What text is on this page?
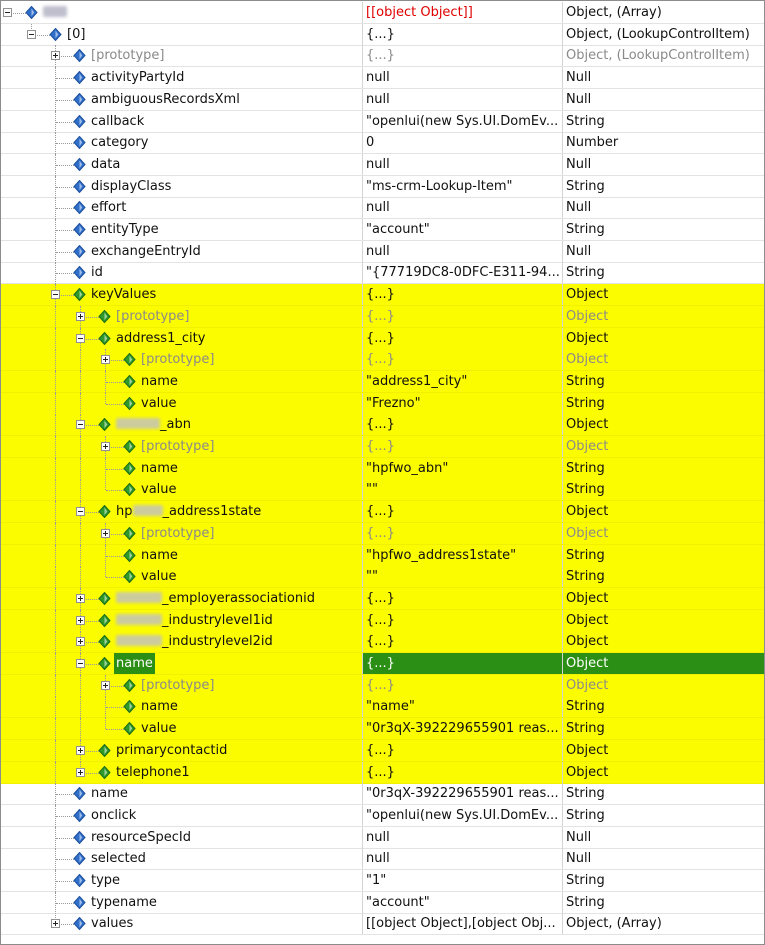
[[object Object]]	Object, (Array)
[0]	{...}	Object, (LookupControlItem)
[prototype]	{...}	Object, (LookupControlItem)
activityPartyId	null	Null
ambiguousRecordsXml	null	Null
callback	"openlui(new Sys.UI.DomEv... String
category	0	Number
data	null	Null
displayClass	"ms-crm-Lookup-Item"	String
effort	null	Null
entityType	"account"	String
exchangeEntryId	null	Null
id	"{77719DC8-0DFC-E311-94... String
keyValues	{...}	Object
[prototype]	{...}	Object
address1_city	{...}	Object
[prototype]	{...}	Object
name	"address1_city"	String
value	"Frezno"	String
_abn	{...}	Object
[prototype]	{...}	Object
name	"hpfwo_abn"	String
value	""	String
hp _address1state	{...}	Object
[prototype]	{...}	Object
name	"hpfwo_address1state"	String
value	""	String
_employerassociationid	{...}	Object
_industrylevel1id	{...}	Object
_industrylevel2id	{...}	Object
name	{...}	Object
[prototype]	{...}	Object
name	"name"	String
value	"0r3qX-392229655901 reas... String
primarycontactid	{...}	Object
telephone1	{...}	Object
name	"0r3qX-392229655901 reas... String
onclick	"openlui(new Sys.UI.DomEv... String
resourceSpecId	null	Null
selected	null	Null
type	"1"	String
typename	"account"	String
values	[[object Object],[object Obj... Object, (Array)
